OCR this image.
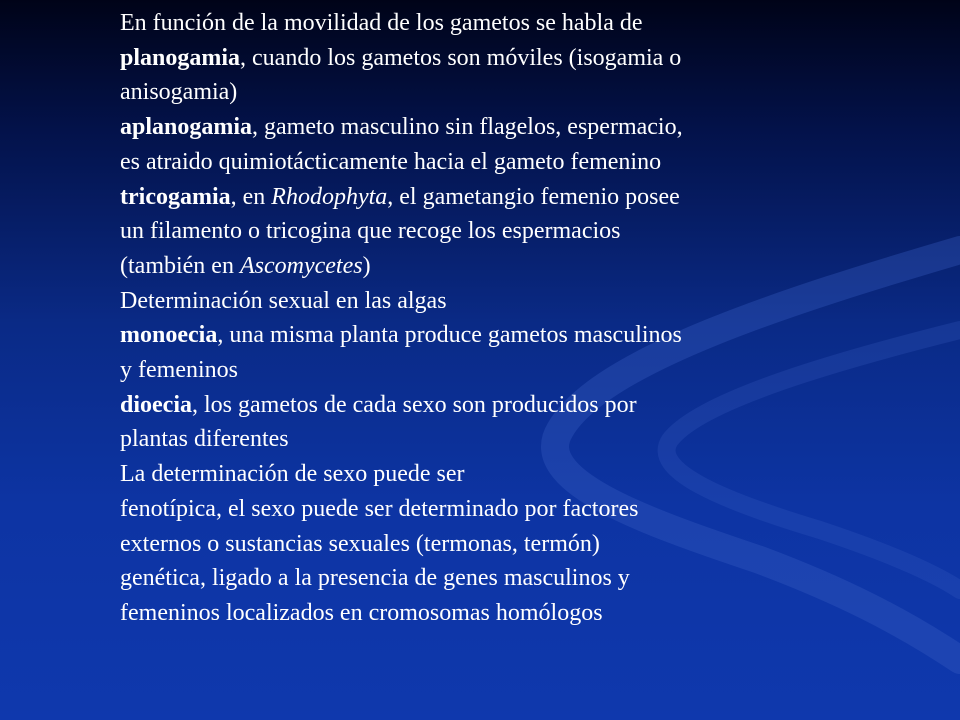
En función de la movilidad de los gametos se habla de
planogamia, cuando los gametos son móviles (isogamia o
anisogamia)
aplanogamia, gameto masculino sin flagelos, espermacio,
es atraido quimiotácticamente hacia el gameto femenino
tricogamia, en Rhodophyta, el gametangio femenio posee
un filamento o tricogina que recoge los espermacios
(también en Ascomycetes)
Determinación sexual en las algas
monoecia, una misma planta produce gametos masculinos
y femeninos
dioecia, los gametos de cada sexo son producidos por
plantas diferentes
La determinación de sexo puede ser
fenotípica, el sexo puede ser determinado por factores
externos o sustancias sexuales (termonas, termón)
genética, ligado a la presencia de genes masculinos y
femeninos localizados en cromosomas homólogos
